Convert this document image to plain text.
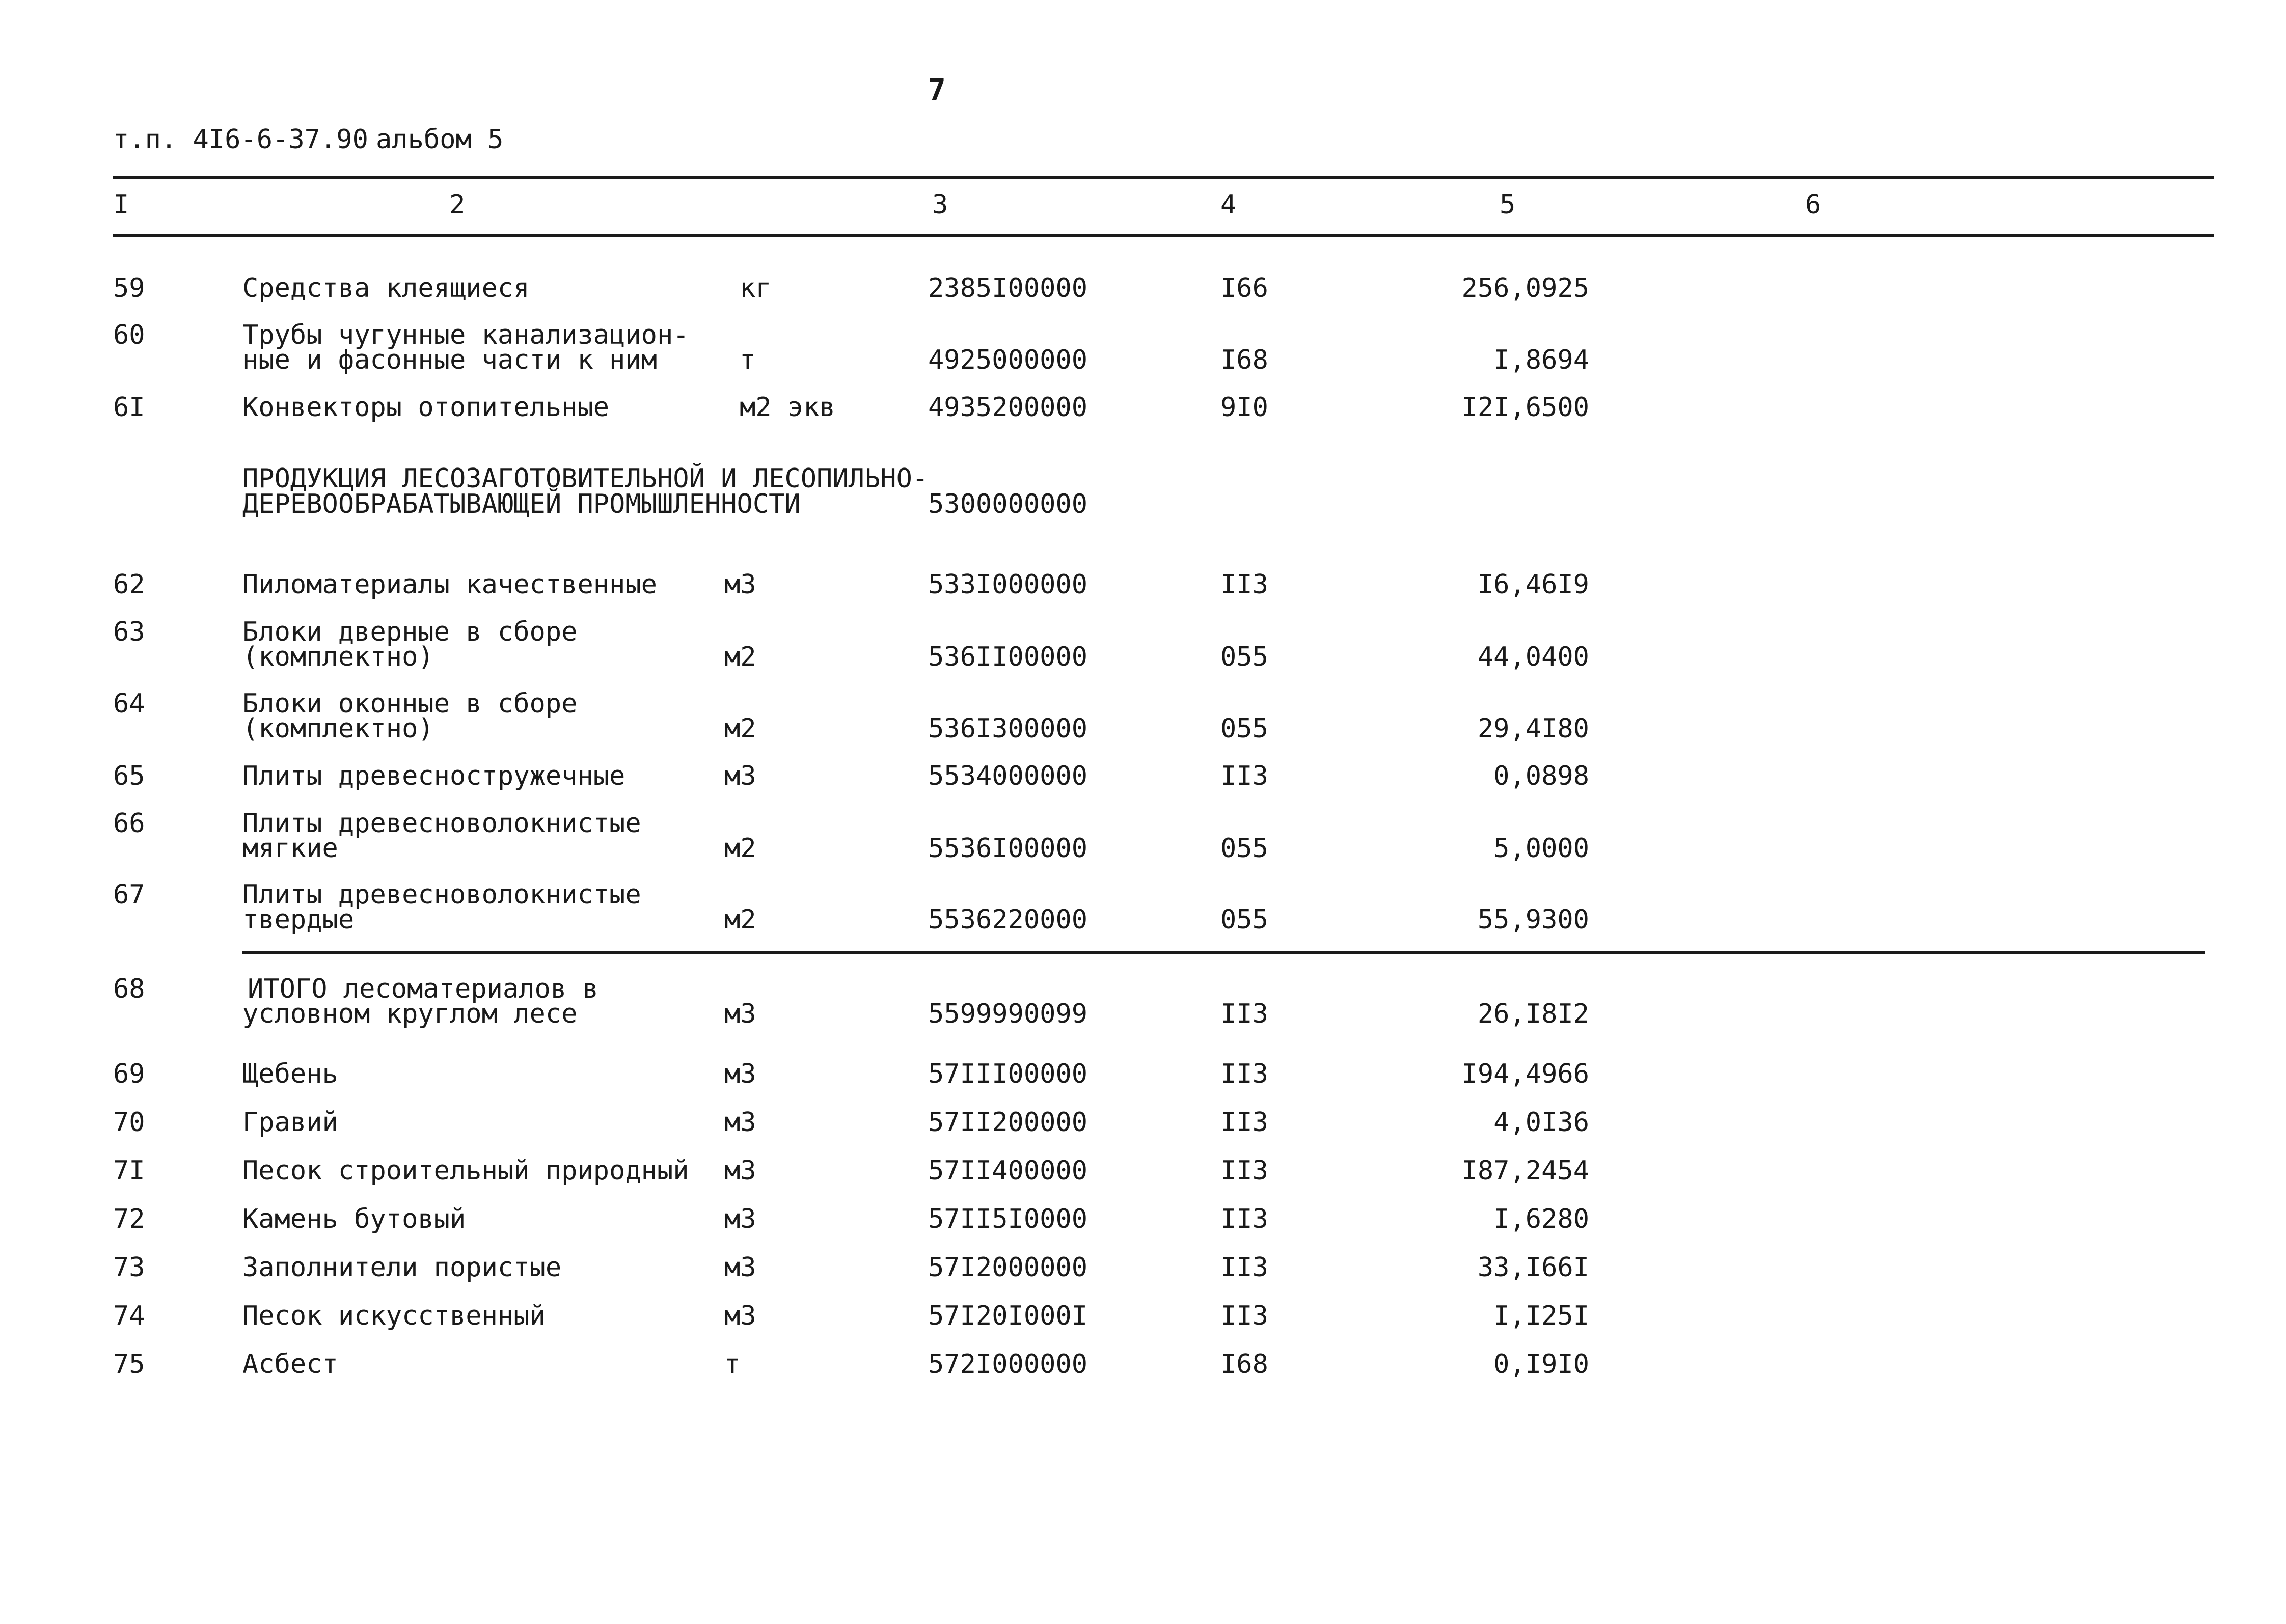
7
т.п. 4I6-6-37.90 альбом 5
I	2	3	4	5	6
59	Средства клеящиеся	кг	2385I00000	I66	256,0925
60	Трубы чугунные канализацион-
ные и фасонные части к ним	т	4925000000	I68	I,8694
6I	Конвекторы отопительные	м2 экв	4935200000	9I0	I2I,6500
ПРОДУКЦИЯ ЛЕСОЗАГОТОВИТЕЛЬНОЙ И ЛЕСОПИЛЬНО-
ДЕРЕВООБРАБАТЫВАЮЩЕЙ ПРОМЫШЛЕННОСТИ	5300000000
62	Пиломатериалы качественные	м3	533I000000	II3	I6,46I9
63	Блоки дверные в сборе
(комплектно)	м2	536II00000	055	44,0400
64	Блоки оконные в сборе
(комплектно)	м2	536I300000	055	29,4I80
65	Плиты древесностружечные	м3	5534000000	II3	0,0898
66	Плиты древесноволокнистые
мягкие	м2	5536I00000	055	5,0000
67	Плиты древесноволокнистые
твердые	м2	5536220000	055	55,9300
68	ИТОГО лесоматериалов в
условном круглом лесе	м3	5599990099	II3	26,I8I2
69	Щебень	м3	57III00000	II3	I94,4966
70	Гравий	м3	57II200000	II3	4,0I36
7I	Песок строительный природный м3	57II400000	II3	I87,2454
72	Камень бутовый	м3	57II5I0000	II3	I,6280
73	Заполнители пористые	м3	57I2000000	II3	33,I66I
74	Песок искусственный	м3	57I20I000I	II3	I,I25I
75	Асбест	т	572I000000	I68	0,I9I0
